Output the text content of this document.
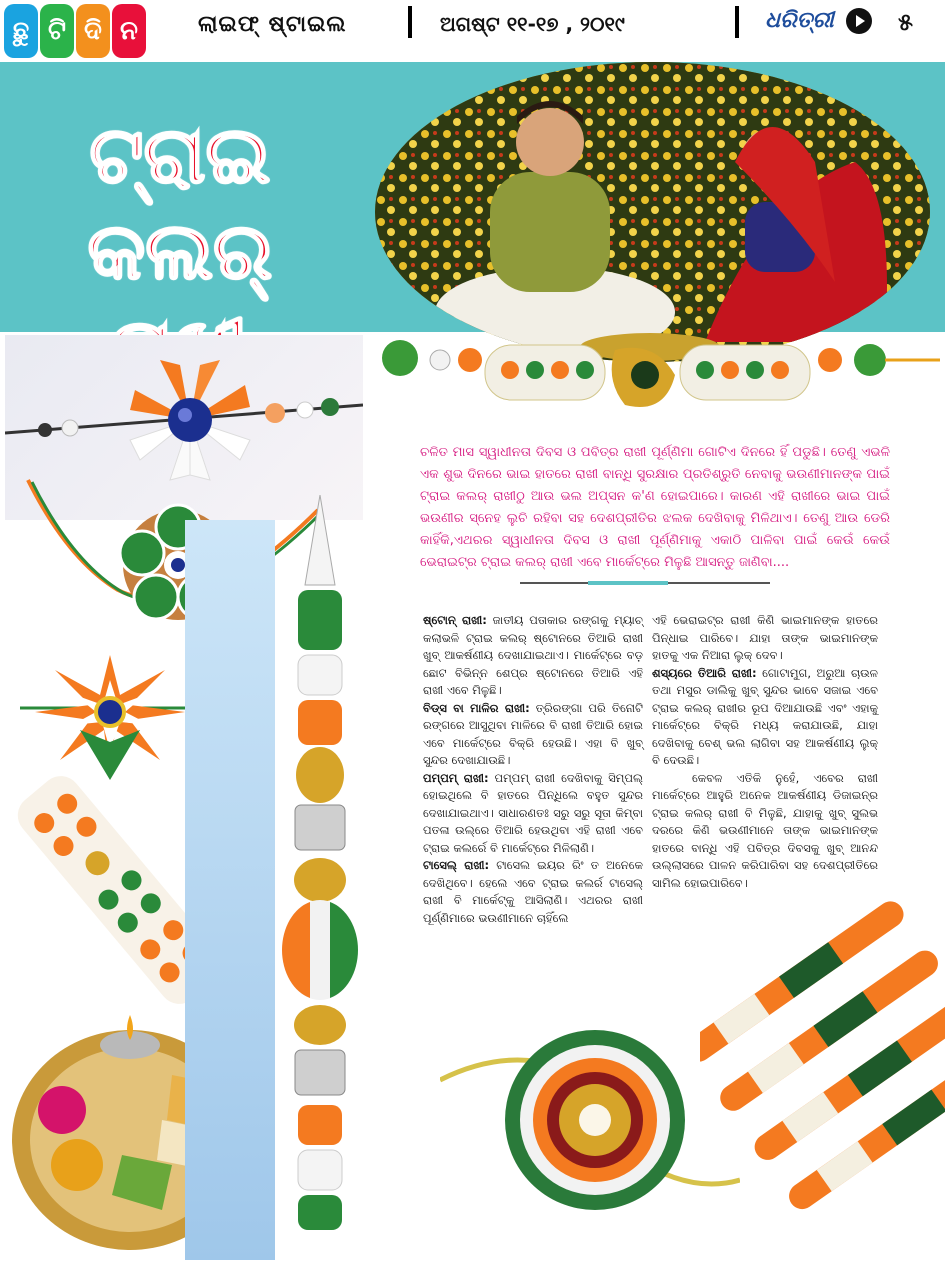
ଛୁ ଟି ଦି ନ	ଲାଇଫ୍ ଷ୍ଟାଇଲ	ଅଗଷ୍ଟ ୧୧-୧୭ , ୨୦୧୯	ଧରିତ୍ରୀ	୫
ଟ୍ରାଇ କଲର୍
ଚଳିତ ମାସ ସ୍ୱାଧୀନତା ଦିବସ ଓ ପବିତ୍ର ରାଖୀ ପୂର୍ଣ୍ଣିମା ଗୋଟିଏ ଦିନରେ ହିଁ ପଡୁଛି। ତେଣୁ ଏଭଳି ଏକ ଶୁଭ ଦିନରେ ଭାଇ ହାତରେ ରାଖୀ ବାନ୍ଧି ସୁରକ୍ଷାର ପ୍ରତିଶ୍ରୁତି ନେବାକୁ ଭଉଣୀମାନଙ୍କ ପାଇଁ ଟ୍ରାଇ କଲର୍ ରାଖୀଠୁ ଆଉ ଭଲ ଅପ୍ସନ କ'ଣ ହୋଇପାରେ। କାରଣ ଏହି ରାଖୀରେ ଭାଇ ପାଇଁ ଭଉଣୀର ସ୍ନେହ ଲୁଚି ରହିବା ସହ ଦେଶପ୍ରୀତିର ଝଲକ ଦେଖିବାକୁ ମିଳିଥାଏ। ତେଣୁ ଆଉ ଡେରି କାହିଁକି,ଏଥରର ସ୍ୱାଧୀନତା ଦିବସ ଓ ରାଖୀ ପୂର୍ଣ୍ଣିମାକୁ ଏକାଠି ପାଳିବା ପାଇଁ କେଉଁ କେଉଁ ଭେରାଇଟ୍ର ଟ୍ରାଇ କଲର୍ ରାଖୀ ଏବେ ମାର୍କେଟ୍ରେ ମିଳୁଛି ଆସନ୍ତୁ ଜାଣିବା....

ଷ୍ଟୋନ୍ ରାଖୀ: ଜାତୀୟ ପତାକାର ରଙ୍ଗକୁ ମ୍ୟାଚ୍ କଲାଭଳି ଟ୍ରାଇ କଲର୍ ଷ୍ଟୋନରେ ତିଆରି ରାଖୀ ଖୁବ୍ ଆକର୍ଷଣୀୟ ଦେଖାଯାଇଥାଏ। ମାର୍କେଟ୍ରେ ବଡ଼ ଛୋଟ ବିଭିନ୍ନ ଶେପ୍ର ଷ୍ଟୋନରେ ତିଆରି ଏହି ରାଖୀ ଏବେ ମିଳୁଛି।

ବିଡ୍ସ ବା ମାଳିର ରାଖୀ: ତ୍ରିରଙ୍ଗା ପରି ତିନୋଟି ରଙ୍ଗରେ ଆସୁଥିବା ମାଳିରେ ବି ରାଖୀ ତିଆରି ହୋଇ ଏବେ ମାର୍କେଟ୍ରେ ବିକ୍ରି ହେଉଛି। ଏହା ବି ଖୁବ୍ ସୁନ୍ଦର ଦେଖାଯାଉଛି।

ପମ୍ପମ୍ ରାଖୀ: ପମ୍ପମ୍ ରାଖୀ ଦେଖିବାକୁ ସିମ୍ପଲ୍ ହୋଇଥିଲେ ବି ହାତରେ ପିନ୍ଧିଲେ ବହୁତ ସୁନ୍ଦର ଦେଖାଯାଇଥାଏ। ସାଧାରଣତଃ ସରୁ ସରୁ ସୂତା କିମ୍ବା ପତଳା ଉଲ୍ରେ ତିଆରି ହେଉଥିବା ଏହି ରାଖୀ ଏବେ ଟ୍ରାଇ କଲର୍ରେ ବି ମାର୍କେଟ୍ରେ ମିଳିଲାଣି।

ଟାସେଲ୍ ରାଖୀ: ଟାସେଲ ଇୟର ରିଂ ତ ଅନେକେ ଦେଖିଥିବେ। ହେଲେ ଏବେ ଟ୍ରାଇ କଲର୍ର ଟାସେଲ୍ ରାଖୀ ବି ମାର୍କେଟ୍କୁ ଆସିଲାଣି। ଏଥରର ରାଖୀ ପୂର୍ଣ୍ଣିମାରେ ଭଉଣୀମାନେ ଚାହିଁଲେ

ଏହି ଭେରାଇଟ୍ର ରାଖୀ କିଣି ଭାଇମାନଙ୍କ ହାତରେ ପିନ୍ଧାଇ ପାରିବେ। ଯାହା ତାଙ୍କ ଭାଇମାନଙ୍କ ହାତକୁ ଏକ ନିଆରା ଲୁକ୍ ଦେବ।

ଶସ୍ୟରେ ତିଆରି ରାଖୀ: ଗୋଟାମୁଗ, ଅରୁଆ ଚାଉଳ ତଥା ମସୁର ଡାଲିକୁ ଖୁବ୍ ସୁନ୍ଦର ଭାବେ ସଜାଇ ଏବେ ଟ୍ରାଇ କଲର୍ ରାଖୀର ରୂପ ଦିଆଯାଉଛି ଏବଂ ଏହାକୁ ମାର୍କେଟ୍ରେ ବିକ୍ରି ମଧ୍ୟ କରାଯାଉଛି, ଯାହା ଦେଖିବାକୁ ବେଶ୍ ଭଲ ଲାଗିବା ସହ ଆକର୍ଷଣୀୟ ଲୁକ୍ ବି ଦେଉଛି।

କେବଳ ଏତିକି ନୁହେଁ, ଏବେର ରାଖୀ ମାର୍କେଟ୍ରେ ଆହୁରି ଅନେକ ଆକର୍ଷଣୀୟ ଡିଜାଇନ୍ର ଟ୍ରାଇ କଲର୍ ରାଖୀ ବି ମିଳୁଛି, ଯାହାକୁ ଖୁବ୍ ସୁଲଭ ଦରରେ କିଣି ଭଉଣୀମାନେ ତାଙ୍କ ଭାଇମାନଙ୍କ ହାତରେ ବାନ୍ଧି ଏହି ପବିତ୍ର ଦିବସକୁ ଖୁବ୍ ଆନନ୍ଦ ଉଲ୍ଲାସରେ ପାଳନ କରିପାରିବା ସହ ଦେଶପ୍ରୀତିରେ ସାମିଲ ହୋଇପାରିବେ।
